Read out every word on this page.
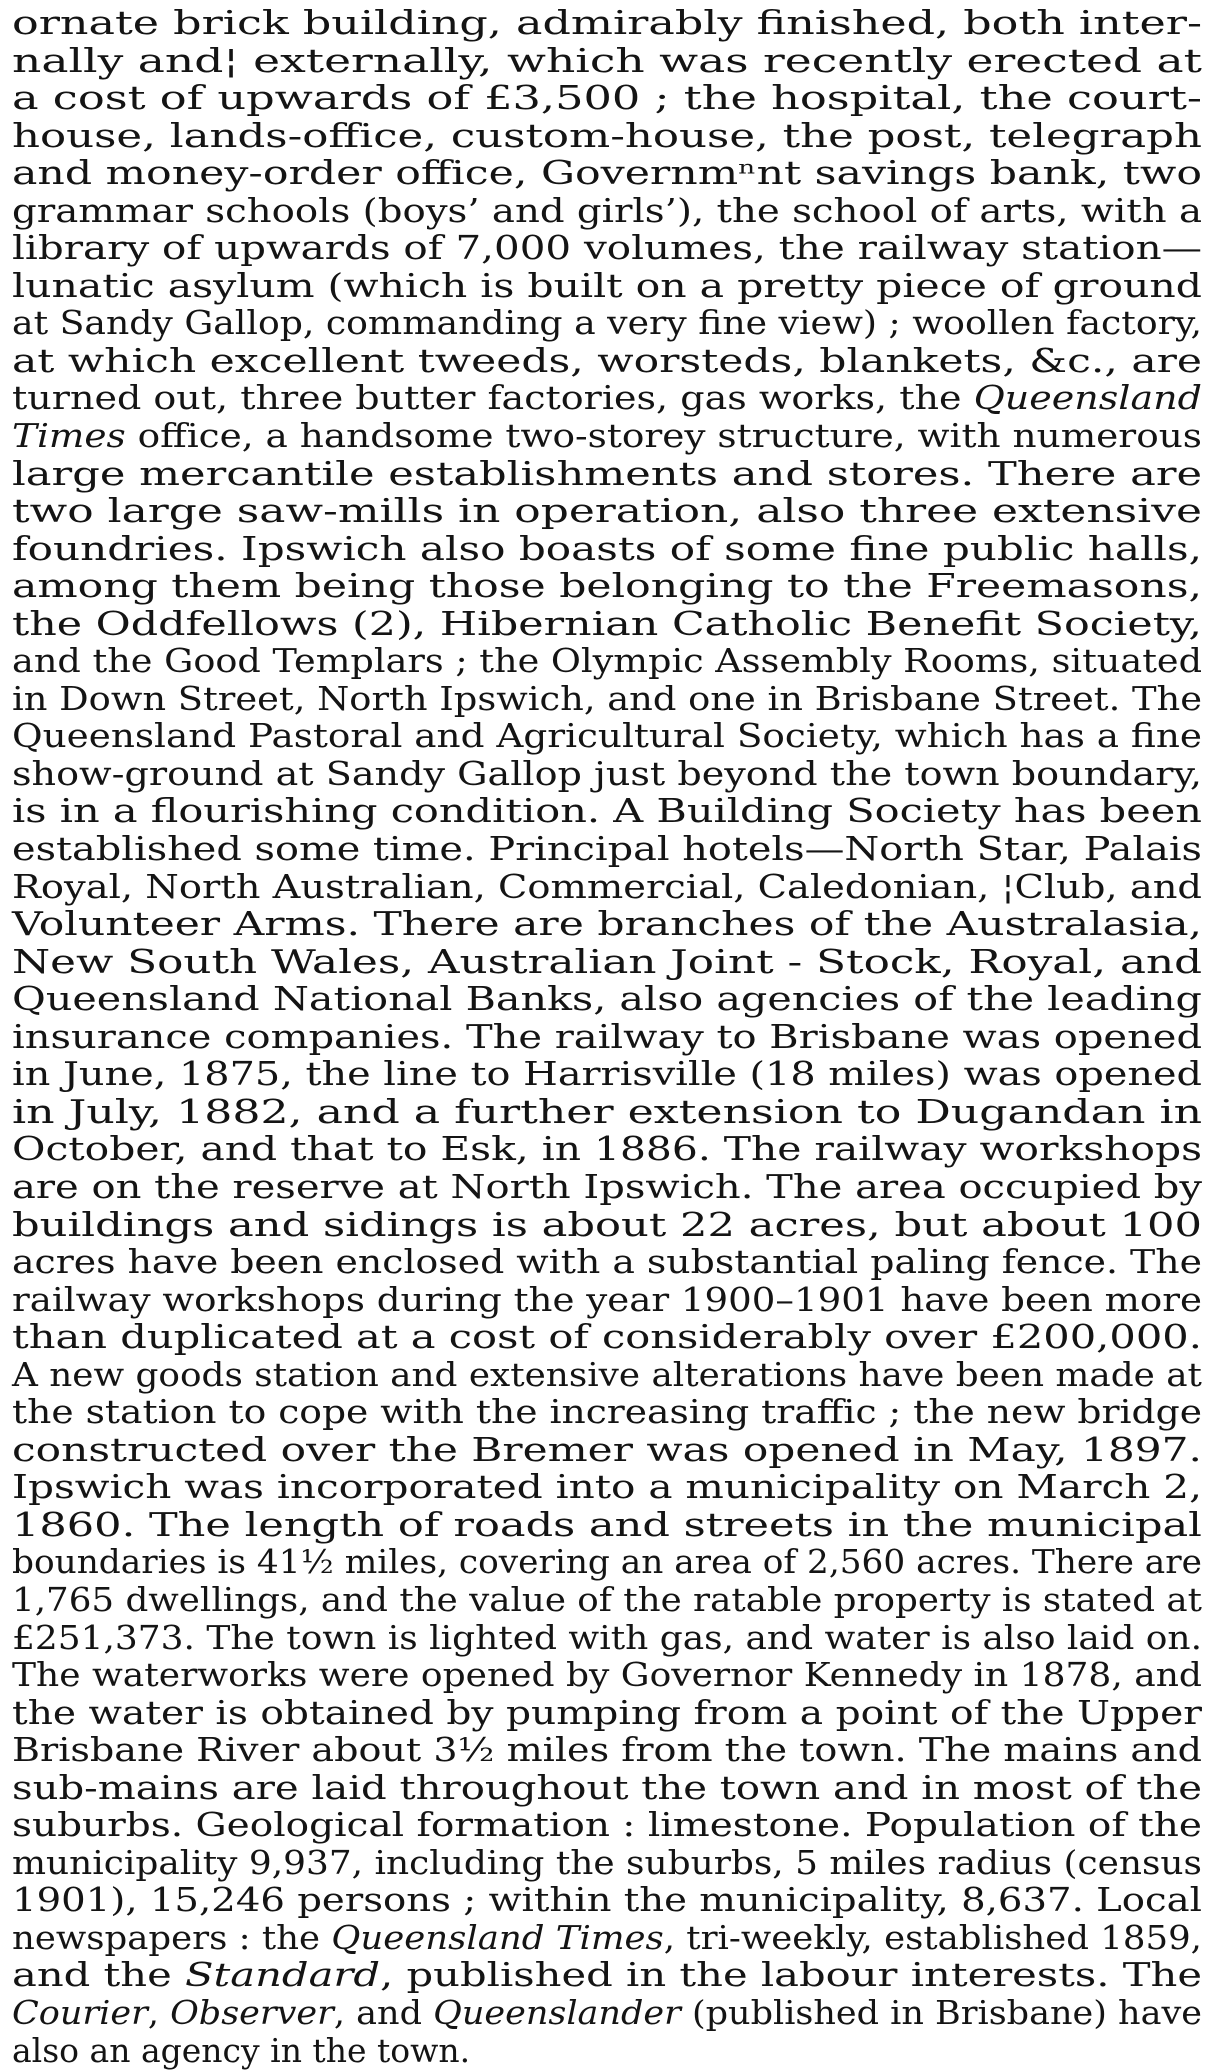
ornate brick building, admirably finished, both inter-
nally and¦ externally, which was recently erected at
a cost of upwards of £3,500 ; the hospital, the court-
house, lands-office, custom-house, the post, telegraph
and money-order office, Governmⁿnt savings bank, two
grammar schools (boys’ and girls’), the school of arts, with a
library of upwards of 7,000 volumes, the railway station—
lunatic asylum (which is built on a pretty piece of ground
at Sandy Gallop, commanding a very fine view) ; woollen factory,
at which excellent tweeds, worsteds, blankets, &c., are
turned out, three butter factories, gas works, the Queensland
Times office, a handsome two-storey structure, with numerous
large mercantile establishments and stores. There are
two large saw-mills in operation, also three extensive
foundries. Ipswich also boasts of some fine public halls,
among them being those belonging to the Freemasons,
the Oddfellows (2), Hibernian Catholic Benefit Society,
and the Good Templars ; the Olympic Assembly Rooms, situated
in Down Street, North Ipswich, and one in Brisbane Street. The
Queensland Pastoral and Agricultural Society, which has a fine
show-ground at Sandy Gallop just beyond the town boundary,
is in a flourishing condition. A Building Society has been
established some time. Principal hotels—North Star, Palais
Royal, North Australian, Commercial, Caledonian, ¦Club, and
Volunteer Arms. There are branches of the Australasia,
New South Wales, Australian Joint - Stock, Royal, and
Queensland National Banks, also agencies of the leading
insurance companies. The railway to Brisbane was opened
in June, 1875, the line to Harrisville (18 miles) was opened
in July, 1882, and a further extension to Dugandan in
October, and that to Esk, in 1886. The railway workshops
are on the reserve at North Ipswich. The area occupied by
buildings and sidings is about 22 acres, but about 100
acres have been enclosed with a substantial paling fence. The
railway workshops during the year 1900–1901 have been more
than duplicated at a cost of considerably over £200,000.
A new goods station and extensive alterations have been made at
the station to cope with the increasing traffic ; the new bridge
constructed over the Bremer was opened in May, 1897.
Ipswich was incorporated into a municipality on March 2,
1860. The length of roads and streets in the municipal
boundaries is 41½ miles, covering an area of 2,560 acres. There are
1,765 dwellings, and the value of the ratable property is stated at
£251,373. The town is lighted with gas, and water is also laid on.
The waterworks were opened by Governor Kennedy in 1878, and
the water is obtained by pumping from a point of the Upper
Brisbane River about 3½ miles from the town. The mains and
sub-mains are laid throughout the town and in most of the
suburbs. Geological formation : limestone. Population of the
municipality 9,937, including the suburbs, 5 miles radius (census
1901), 15,246 persons ; within the municipality, 8,637. Local
newspapers : the Queensland Times, tri-weekly, established 1859,
and the Standard, published in the labour interests. The
Courier, Observer, and Queenslander (published in Brisbane) have
also an agency in the town.
